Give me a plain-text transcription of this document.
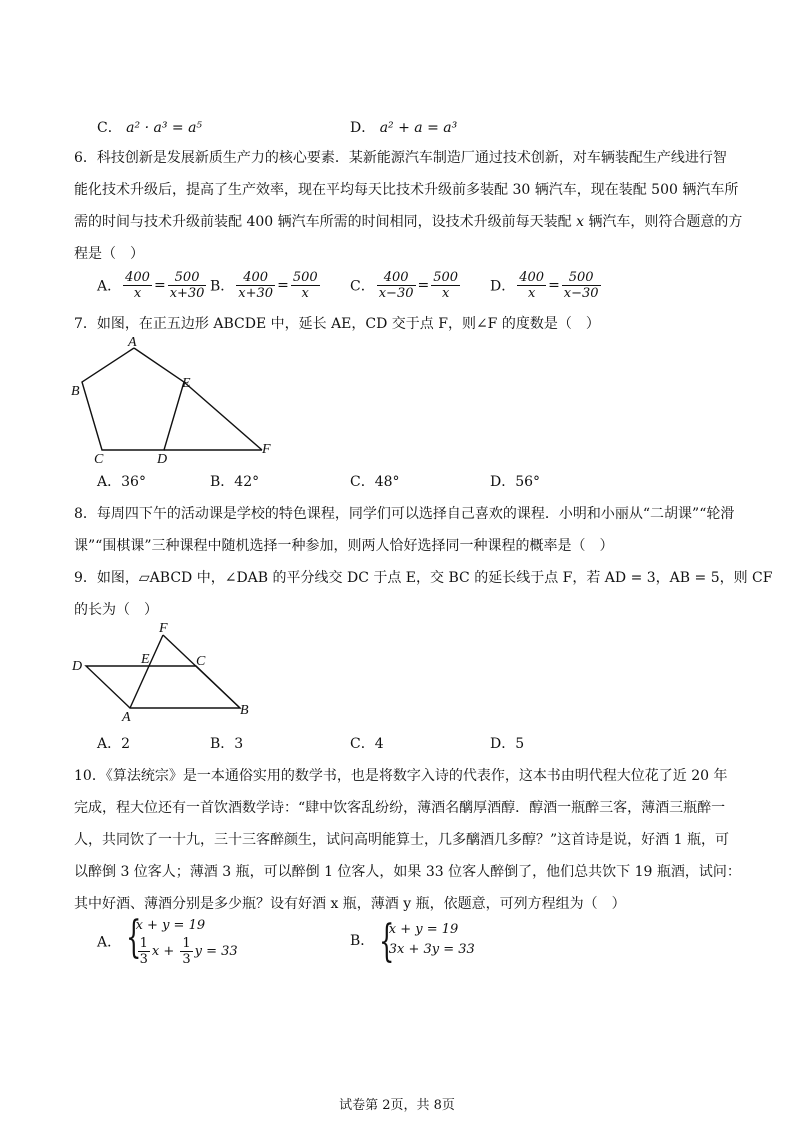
C． a² · a³ = a⁵	D． a² + a = a³
6．科技创新是发展新质生产力的核心要素．某新能源汽车制造厂通过技术创新，对车辆装配生产线进行智
能化技术升级后，提高了生产效率，现在平均每天比技术升级前多装配 30 辆汽车，现在装配 500 辆汽车所
需的时间与技术升级前装配 400 辆汽车所需的时间相同，设技术升级前每天装配 x 辆汽车，则符合题意的方
程是（　）
A． $\frac{400}{x} = \frac{500}{x+30}$ B． $\frac{400}{x+30} = \frac{500}{x}$ C． $\frac{400}{x-30} = \frac{500}{x}$ D． $\frac{400}{x} = \frac{500}{x-30}$
7．如图，在正五边形 ABCDE 中，延长 AE，CD 交于点 F，则∠F 的度数是（　）
A
B
C	D
E
F
A．36°	B．42°	C．48°	D．56°
8．每周四下午的活动课是学校的特色课程，同学们可以选择自己喜欢的课程．小明和小丽从“二胡课”“轮滑
课”“围棋课”三种课程中随机选择一种参加，则两人恰好选择同一种课程的概率是（　）
9．如图，▱ABCD 中，∠DAB 的平分线交 DC 于点 E，交 BC 的延长线于点 F，若 AD = 3，AB = 5，则 CF
的长为（　）
F
D	E	C
A	B
A．2	B．3	C．4	D．5
10．《算法统宗》是一本通俗实用的数学书，也是将数字入诗的代表作，这本书由明代程大位花了近 20 年
完成，程大位还有一首饮酒数学诗：“肆中饮客乱纷纷，薄酒名醨厚酒醇．醇酒一瓶醉三客，薄酒三瓶醉一
人，共同饮了一十九，三十三客醉颜生，试问高明能算士，几多醨酒几多醇？”这首诗是说，好酒 1 瓶，可
以醉倒 3 位客人；薄酒 3 瓶，可以醉倒 1 位客人，如果 33 位客人醉倒了，他们总共饮下 19 瓶酒，试问：
其中好酒、薄酒分别是多少瓶？设有好酒 x 瓶，薄酒 y 瓶，依题意，可列方程组为（　）
A． {
x + y = 19
$\frac{1}{3}$ $x + \frac{1}{3}$ y = 33
B． {
x + y = 19
3x + 3y = 33
试卷第 2页，共 8页
